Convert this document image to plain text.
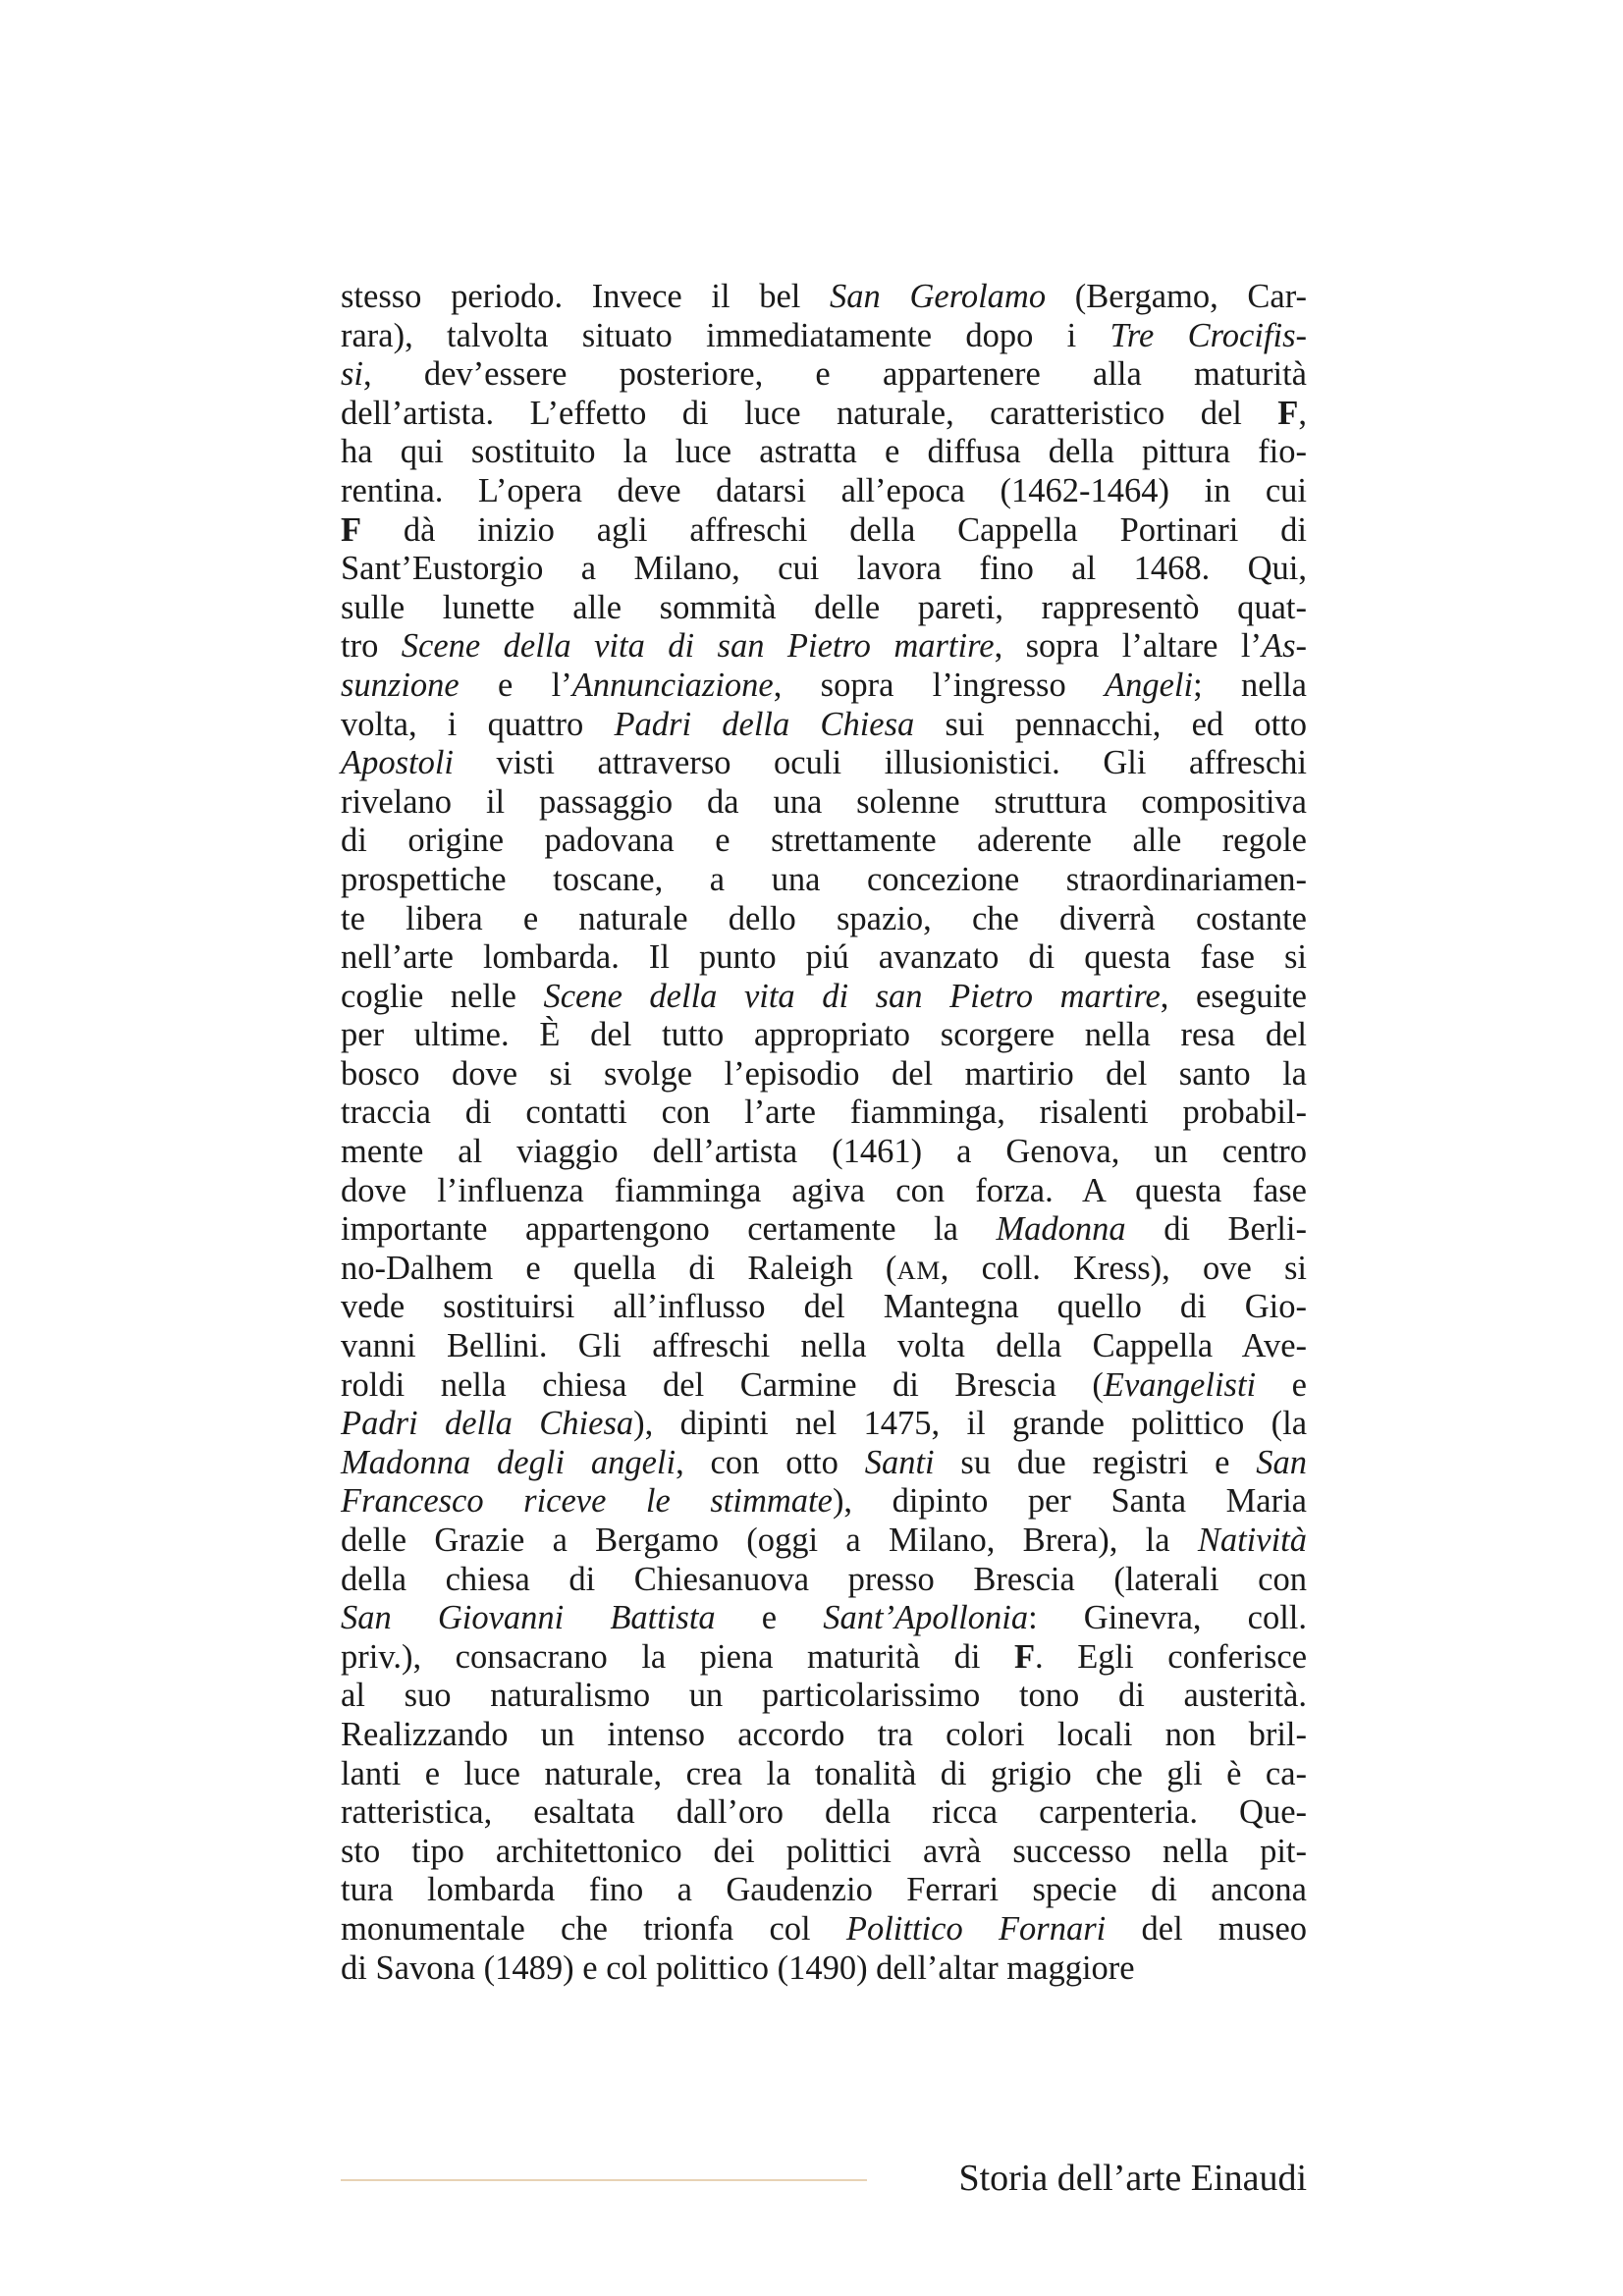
stesso periodo. Invece il bel San Gerolamo (Bergamo, Car-
rara), talvolta situato immediatamente dopo i Tre Crocifis-
si, dev’essere posteriore, e appartenere alla maturità
dell’artista. L’effetto di luce naturale, caratteristico del F,
ha qui sostituito la luce astratta e diffusa della pittura fio-
rentina. L’opera deve datarsi all’epoca (1462-1464) in cui
F dà inizio agli affreschi della Cappella Portinari di
Sant’Eustorgio a Milano, cui lavora fino al 1468. Qui,
sulle lunette alle sommità delle pareti, rappresentò quat-
tro Scene della vita di san Pietro martire, sopra l’altare l’As-
sunzione e l’Annunciazione, sopra l’ingresso Angeli; nella
volta, i quattro Padri della Chiesa sui pennacchi, ed otto
Apostoli visti attraverso oculi illusionistici. Gli affreschi
rivelano il passaggio da una solenne struttura compositiva
di origine padovana e strettamente aderente alle regole
prospettiche toscane, a una concezione straordinariamen-
te libera e naturale dello spazio, che diverrà costante
nell’arte lombarda. Il punto piú avanzato di questa fase si
coglie nelle Scene della vita di san Pietro martire, eseguite
per ultime. È del tutto appropriato scorgere nella resa del
bosco dove si svolge l’episodio del martirio del santo la
traccia di contatti con l’arte fiamminga, risalenti probabil-
mente al viaggio dell’artista (1461) a Genova, un centro
dove l’influenza fiamminga agiva con forza. A questa fase
importante appartengono certamente la Madonna di Berli-
no-Dalhem e quella di Raleigh (AM, coll. Kress), ove si
vede sostituirsi all’influsso del Mantegna quello di Gio-
vanni Bellini. Gli affreschi nella volta della Cappella Ave-
roldi nella chiesa del Carmine di Brescia (Evangelisti e
Padri della Chiesa), dipinti nel 1475, il grande polittico (la
Madonna degli angeli, con otto Santi su due registri e San
Francesco riceve le stimmate), dipinto per Santa Maria
delle Grazie a Bergamo (oggi a Milano, Brera), la Natività
della chiesa di Chiesanuova presso Brescia (laterali con
San Giovanni Battista e Sant’Apollonia: Ginevra, coll.
priv.), consacrano la piena maturità di F. Egli conferisce
al suo naturalismo un particolarissimo tono di austerità.
Realizzando un intenso accordo tra colori locali non bril-
lanti e luce naturale, crea la tonalità di grigio che gli è ca-
ratteristica, esaltata dall’oro della ricca carpenteria. Que-
sto tipo architettonico dei polittici avrà successo nella pit-
tura lombarda fino a Gaudenzio Ferrari specie di ancona
monumentale che trionfa col Polittico Fornari del museo
di Savona (1489) e col polittico (1490) dell’altar maggiore
Storia dell’arte Einaudi
